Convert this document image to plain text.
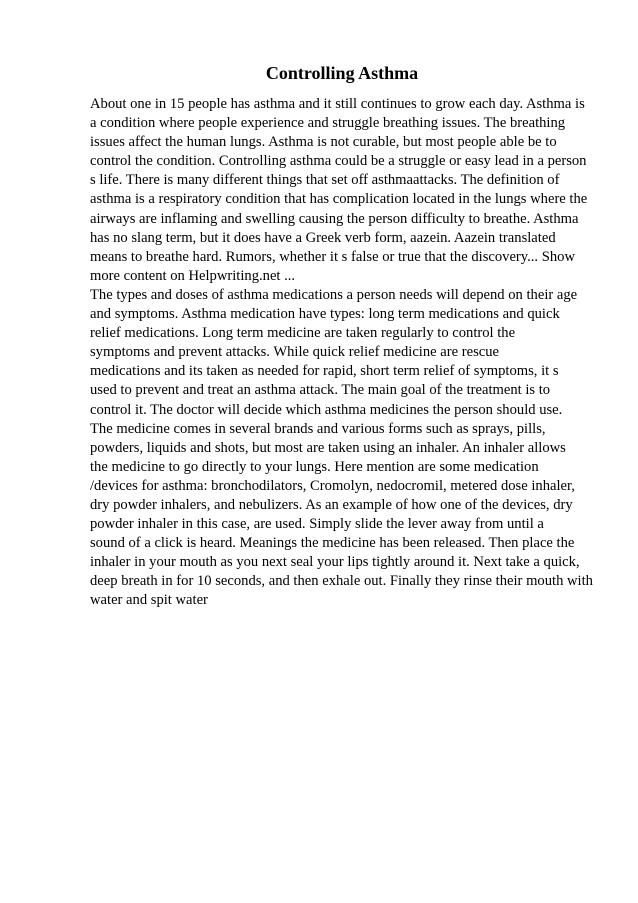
Controlling Asthma
About one in 15 people has asthma and it still continues to grow each day. Asthma is
a condition where people experience and struggle breathing issues. The breathing
issues affect the human lungs. Asthma is not curable, but most people able be to
control the condition. Controlling asthma could be a struggle or easy lead in a person
s life. There is many different things that set off asthmaattacks. The definition of
asthma is a respiratory condition that has complication located in the lungs where the
airways are inflaming and swelling causing the person difficulty to breathe. Asthma
has no slang term, but it does have a Greek verb form, aazein. Aazein translated
means to breathe hard. Rumors, whether it s false or true that the discovery... Show
more content on Helpwriting.net ...
The types and doses of asthma medications a person needs will depend on their age
and symptoms. Asthma medication have types: long term medications and quick
relief medications. Long term medicine are taken regularly to control the
symptoms and prevent attacks. While quick relief medicine are rescue
medications and its taken as needed for rapid, short term relief of symptoms, it s
used to prevent and treat an asthma attack. The main goal of the treatment is to
control it. The doctor will decide which asthma medicines the person should use.
The medicine comes in several brands and various forms such as sprays, pills,
powders, liquids and shots, but most are taken using an inhaler. An inhaler allows
the medicine to go directly to your lungs. Here mention are some medication
/devices for asthma: bronchodilators, Cromolyn, nedocromil, metered dose inhaler,
dry powder inhalers, and nebulizers. As an example of how one of the devices, dry
powder inhaler in this case, are used. Simply slide the lever away from until a
sound of a click is heard. Meanings the medicine has been released. Then place the
inhaler in your mouth as you next seal your lips tightly around it. Next take a quick,
deep breath in for 10 seconds, and then exhale out. Finally they rinse their mouth with
water and spit water
